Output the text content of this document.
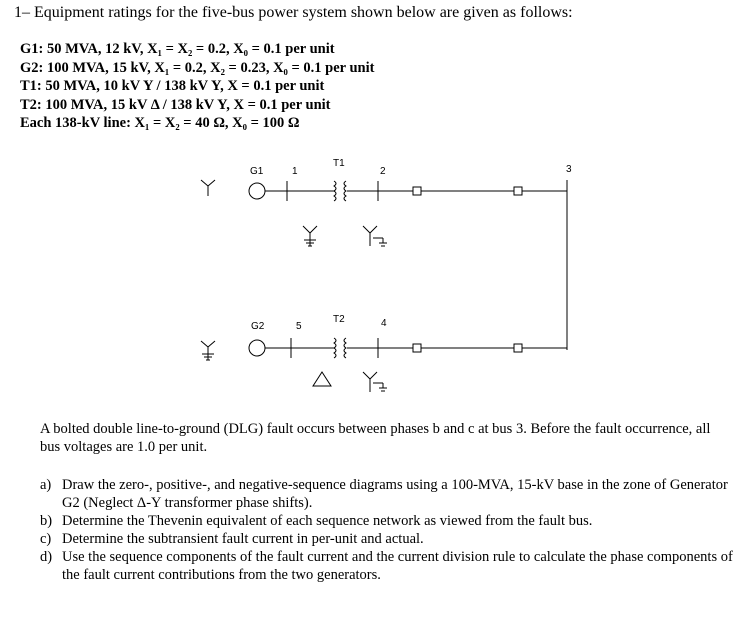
1– Equipment ratings for the five-bus power system shown below are given as follows:
G1: 50 MVA, 12 kV, X₁ = X₂ = 0.2, X₀ = 0.1 per unit
G2: 100 MVA, 15 kV, X₁ = 0.2, X₂ = 0.23, X₀ = 0.1 per unit
T1: 50 MVA, 10 kV Y / 138 kV Y, X = 0.1 per unit
T2: 100 MVA, 15 kV Δ / 138 kV Y, X = 0.1 per unit
Each 138-kV line: X₁ = X₂ = 40 Ω, X₀ = 100 Ω
G1	1
T1
2	3
G2	5
T2	4
A bolted double line-to-ground (DLG) fault occurs between phases b and c at bus 3. Before the fault occurrence, all bus voltages are 1.0 per unit.
a) Draw the zero-, positive-, and negative-sequence diagrams using a 100-MVA, 15-kV base in the zone of Generator G2 (Neglect Δ-Y transformer phase shifts).
b) Determine the Thevenin equivalent of each sequence network as viewed from the fault bus.
c) Determine the subtransient fault current in per-unit and actual.
d) Use the sequence components of the fault current and the current division rule to calculate the phase components of the fault current contributions from the two generators.
